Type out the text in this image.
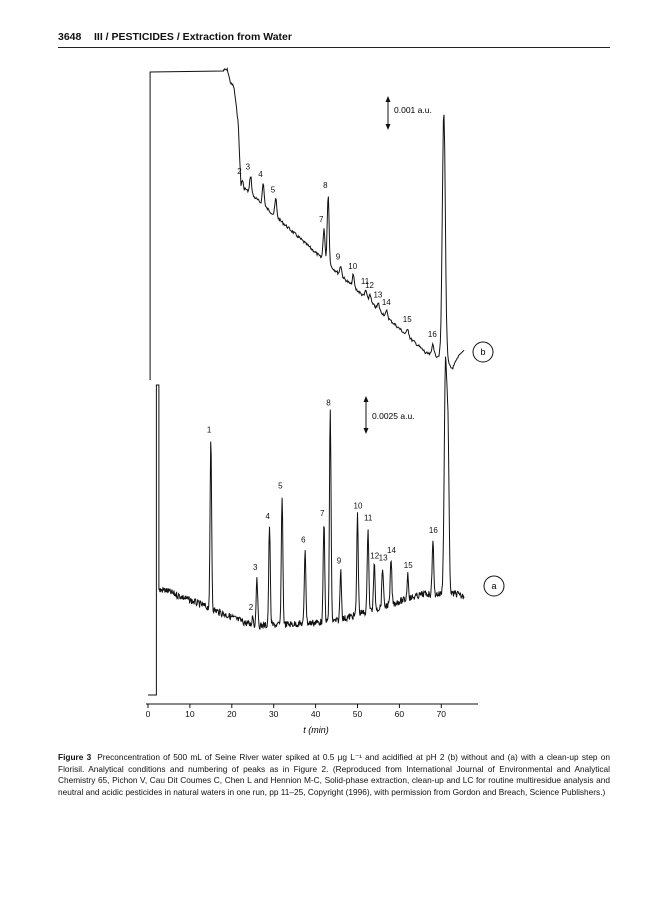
3648 III / PESTICIDES / Extraction from Water
2 3
4
5
7
8
9
10
11
12
13
14
15
16
1
2
3
4
5
6
7
8
9
10
11
12 13
14
15
16
0.001 a.u.
0.0025 a.u.
b
a
0	10	20	30	40	50	60	70
t (min)
Figure 3 Preconcentration of 500 mL of Seine River water spiked at 0.5 μg L⁻¹ and acidified at pH 2 (b) without and (a) with a clean-up step on Florisil. Analytical conditions and numbering of peaks as in Figure 2. (Reproduced from International Journal of Environmental and Analytical Chemistry 65, Pichon V, Cau Dit Coumes C, Chen L and Hennion M-C, Solid-phase extraction, clean-up and LC for routine multiresidue analysis and neutral and acidic pesticides in natural waters in one run, pp 11–25, Copyright (1996), with permission from Gordon and Breach, Science Publishers.)
